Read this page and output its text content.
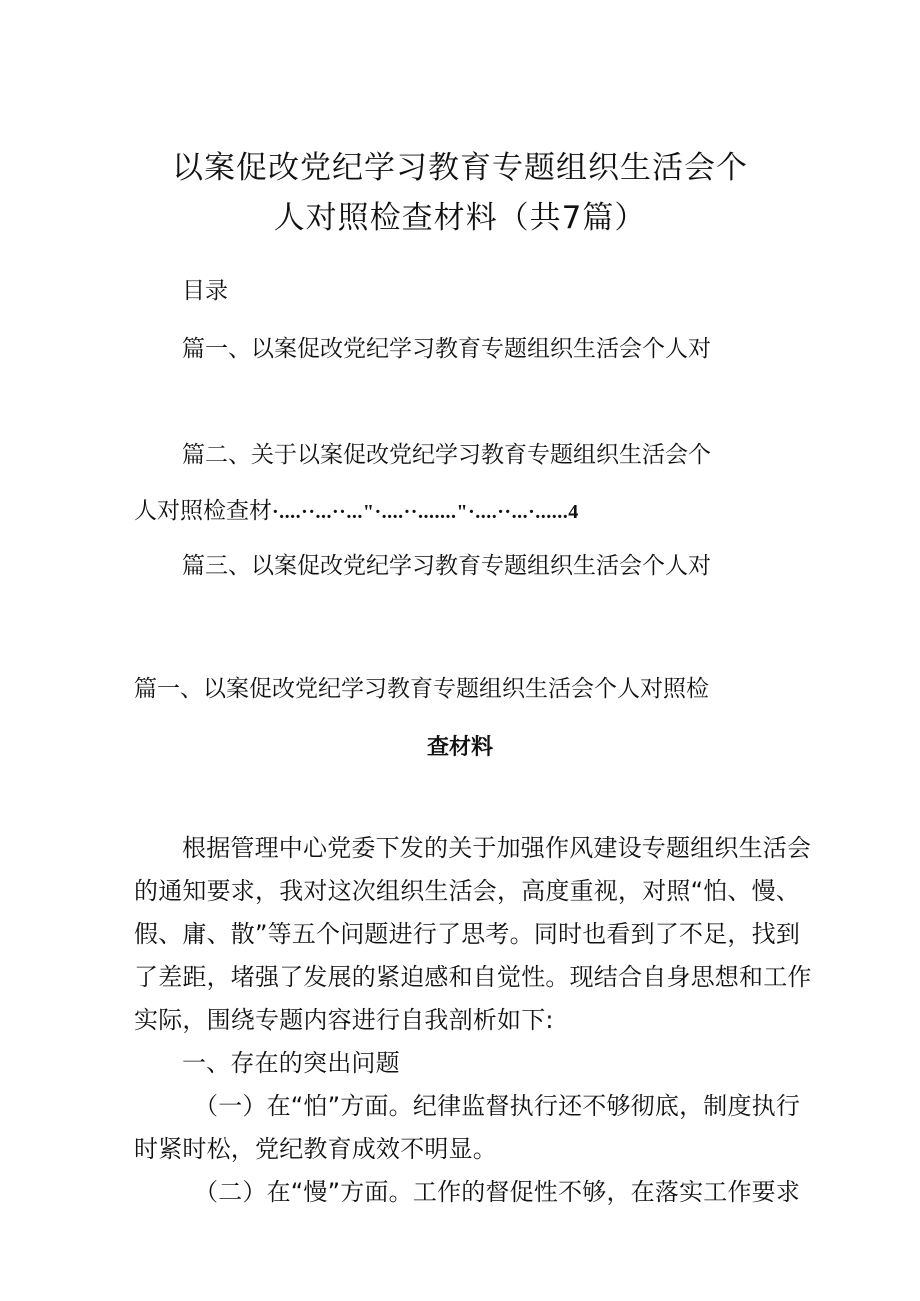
以案促改党纪学习教育专题组织生活会个
人对照检查材料（共7篇）
目录
篇一、以案促改党纪学习教育专题组织生活会个人对
篇二、关于以案促改党纪学习教育专题组织生活会个
人对照检查材·....··...··..."·....··......."·....··...·......4
篇三、以案促改党纪学习教育专题组织生活会个人对
篇一、以案促改党纪学习教育专题组织生活会个人对照检
查材料
根据管理中心党委下发的关于加强作风建设专题组织生活会
的通知要求，我对这次组织生活会，高度重视，对照“怕、慢、
假、庸、散”等五个问题进行了思考。同时也看到了不足，找到
了差距，堵强了发展的紧迫感和自觉性。现结合自身思想和工作
实际，围绕专题内容进行自我剖析如下:
一、存在的突出问题
（一）在“怕”方面。纪律监督执行还不够彻底，制度执行
时紧时松，党纪教育成效不明显。
（二）在“慢”方面。工作的督促性不够，在落实工作要求
